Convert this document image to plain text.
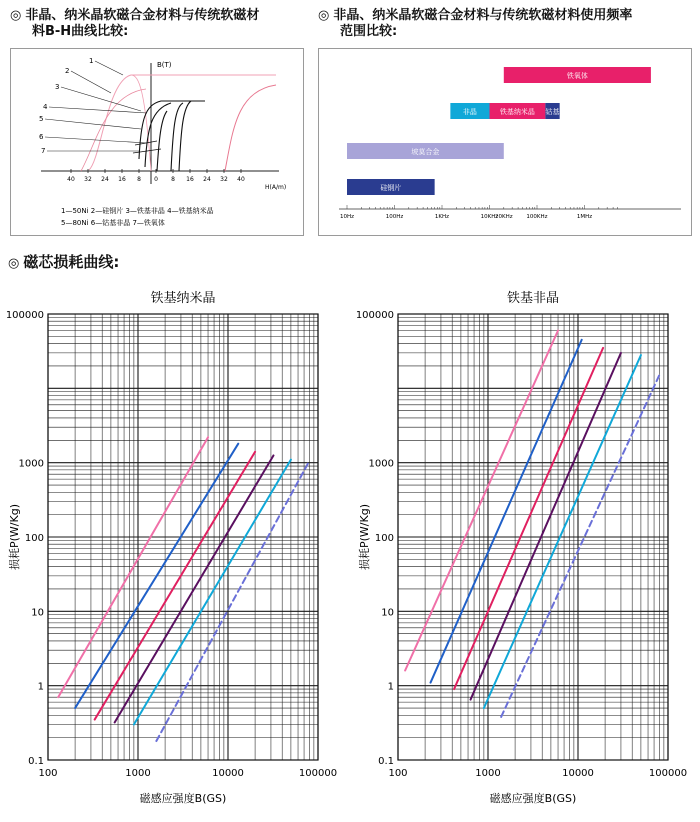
◎ 非晶、纳米晶软磁合金材料与传统软磁材
料B-H曲线比较:
◎ 非晶、纳米晶软磁合金材料与传统软磁材料使用频率
范围比较:
◎ 磁芯损耗曲线:
B(T)
H(A/m)
40 32 24 16 8 0 8 16 24 32 40
1
2
3
4
5
6
7
1—50Ni 2—硅钢片 3—铁基非晶 4—铁基纳米晶
5—80Ni 6—钴基非晶 7—铁氧体
10Hz	100Hz	1KHz	10KHz
20KHz	100KHz	1MHz
铁氧体
非晶	铁基纳米晶 钴基
坡莫合金
硅钢片
铁基纳米晶
0.1
1
10
100
1000
100000
100	1000	10000	100000
磁感应强度B(GS)
损耗P(W/Kg)
铁基非晶
0.1
1
10
100
1000
100000
100	1000	10000	100000
磁感应强度B(GS)
损耗P(W/Kg)
